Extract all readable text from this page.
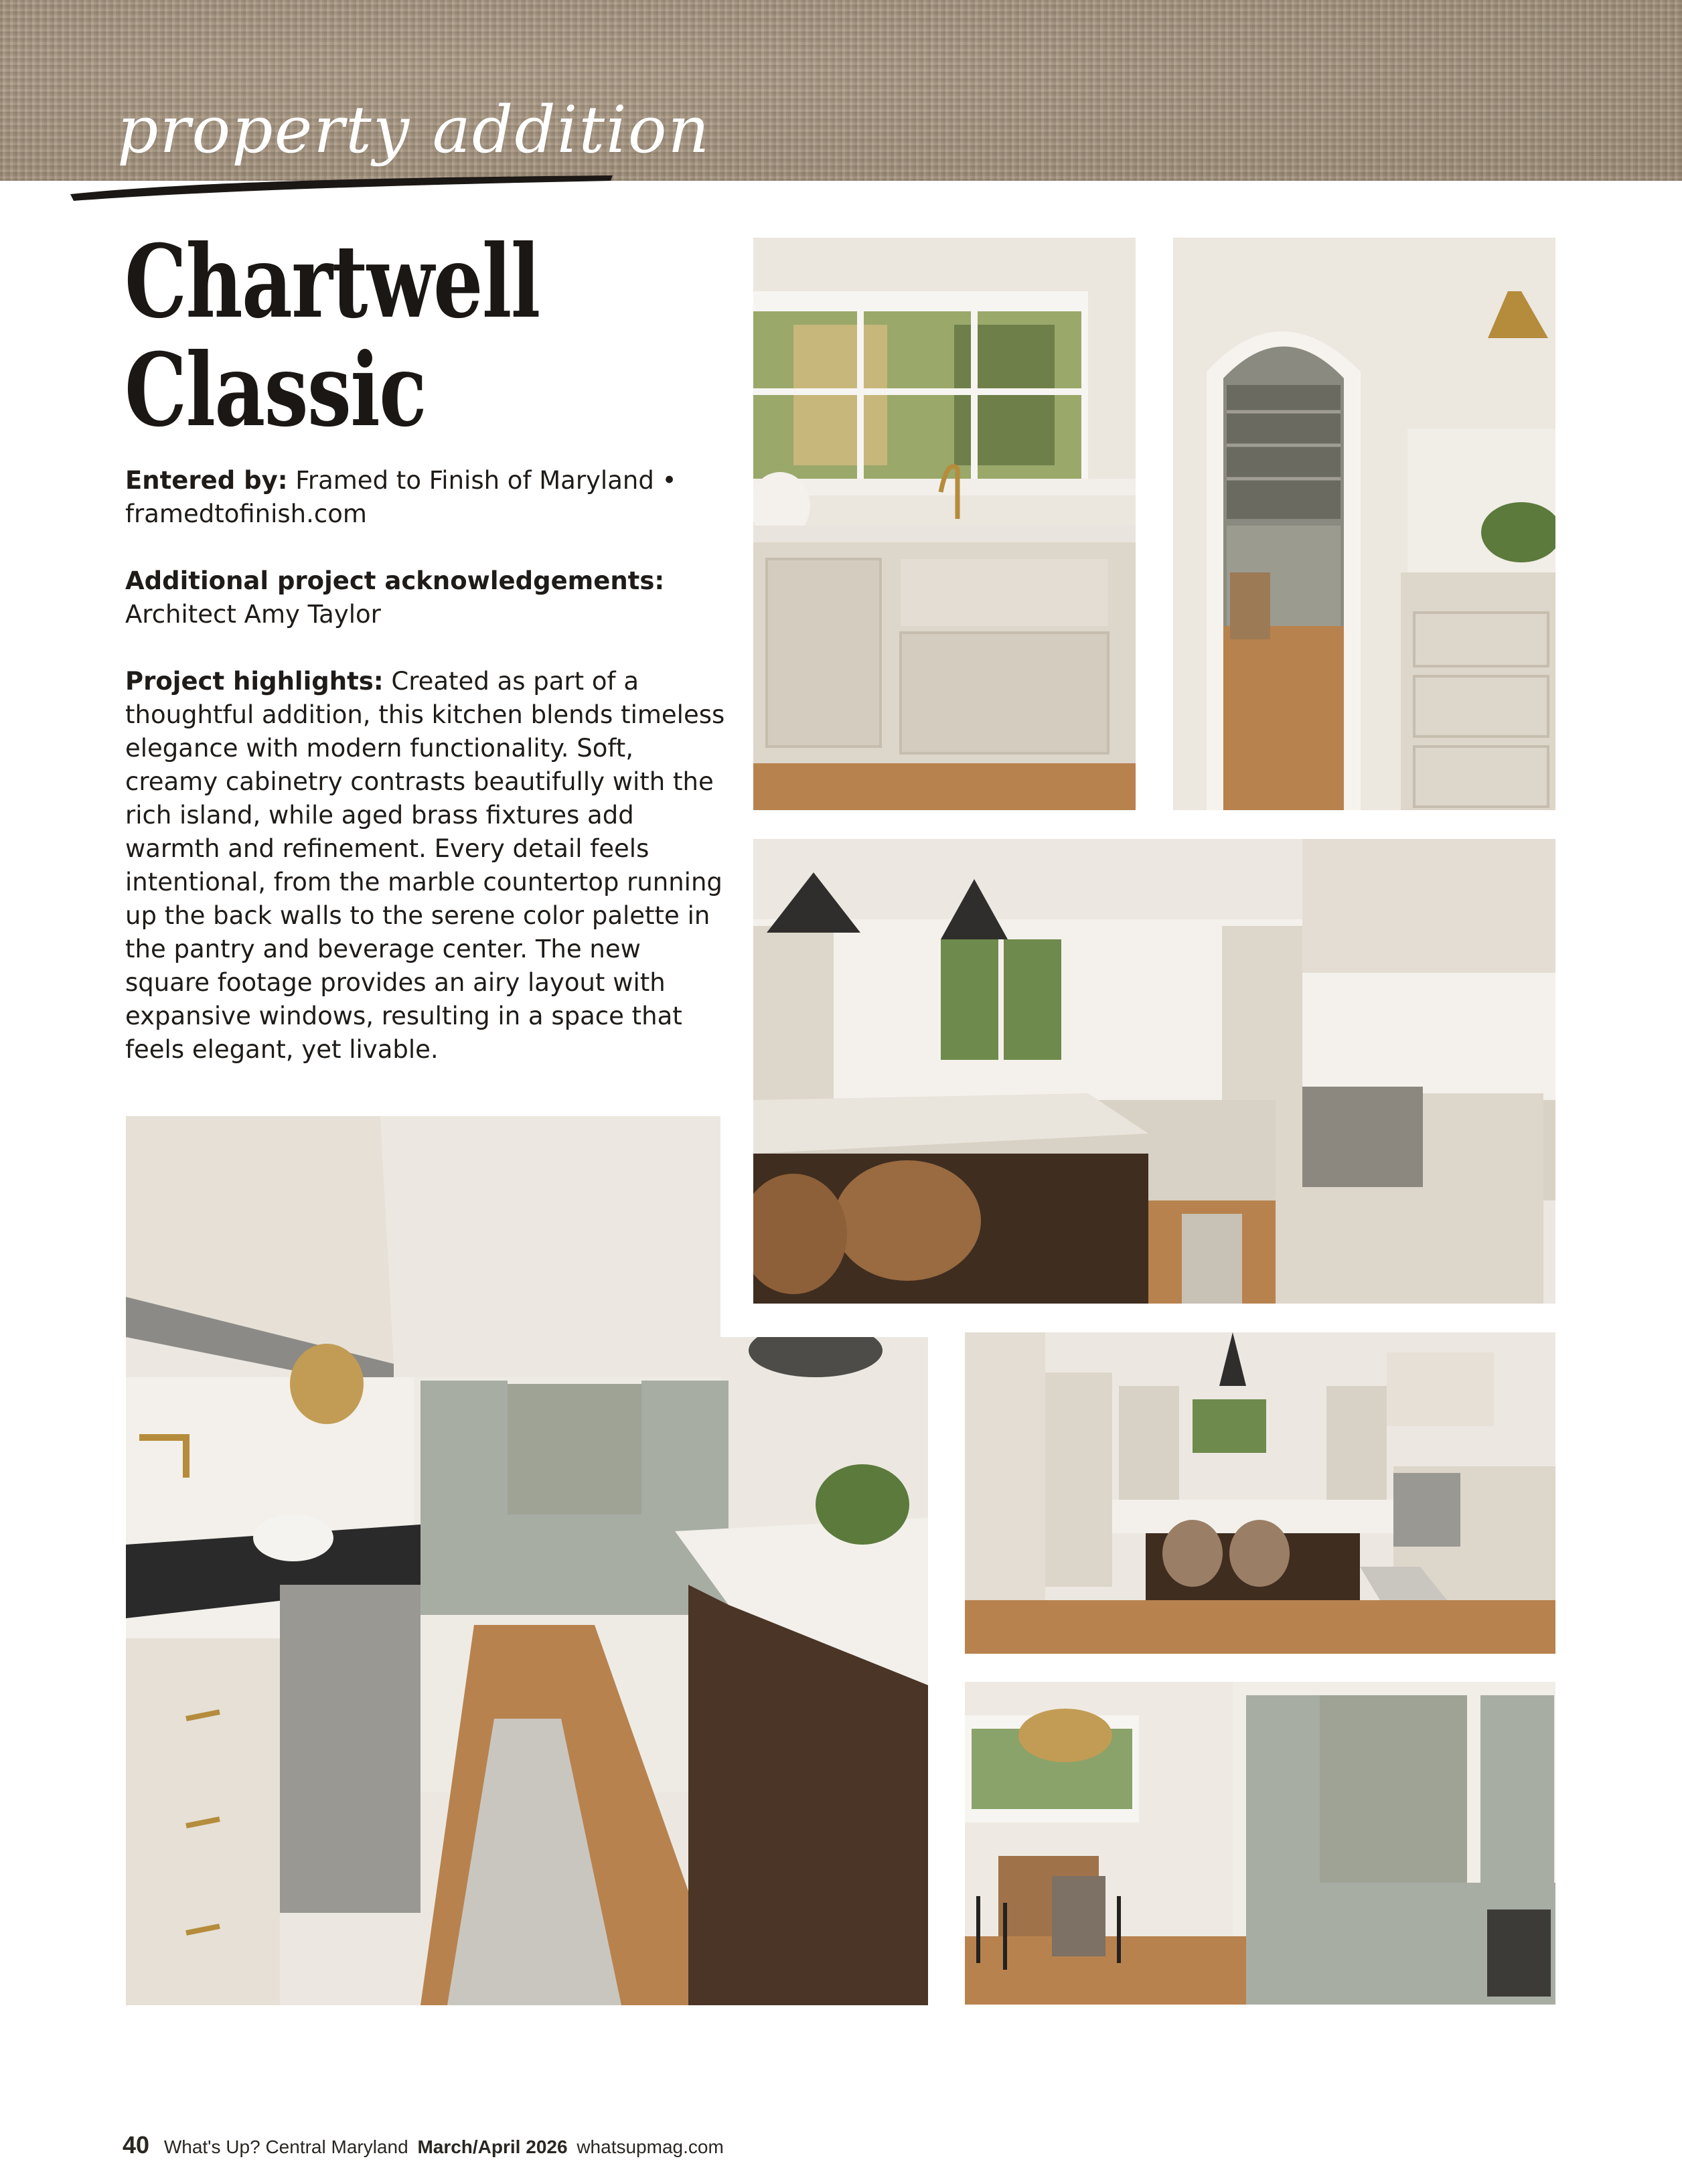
property addition
Chartwell
Classic

Entered by: Framed to Finish of Maryland • framedtofinish.com

Additional project acknowledgements:
Architect Amy Taylor

Project highlights: Created as part of a thoughtful addition, this kitchen blends timeless elegance with modern functionality. Soft, creamy cabinetry contrasts beautifully with the rich island, while aged brass fixtures add warmth and refinement. Every detail feels intentional, from the marble countertop running up the back walls to the serene color palette in the pantry and beverage center. The new square footage provides an airy layout with expansive windows, resulting in a space that feels elegant, yet livable.

40 What's Up? Central Maryland March/April 2026 whatsupmag.com
